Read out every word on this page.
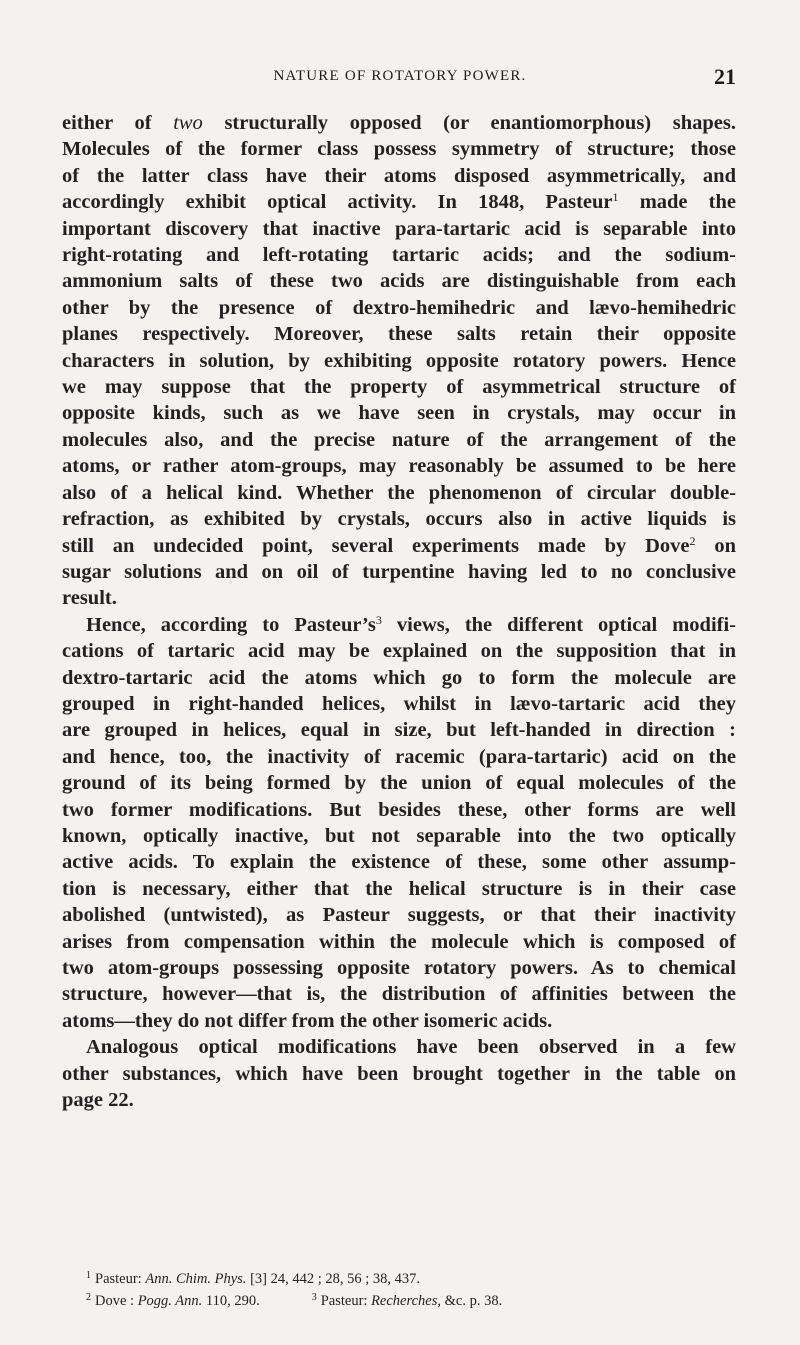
NATURE OF ROTATORY POWER.	21

either of two structurally opposed (or enantiomorphous) shapes.

Molecules of the former class possess symmetry of structure; those

of the latter class have their atoms disposed asymmetrically, and

accordingly exhibit optical activity. In 1848, Pasteur$^1$ made the

important discovery that inactive para-tartaric acid is separable into

right-rotating and left-rotating tartaric acids; and the sodium-

ammonium salts of these two acids are distinguishable from each

other by the presence of dextro-hemihedric and lævo-hemihedric

planes respectively. Moreover, these salts retain their opposite

characters in solution, by exhibiting opposite rotatory powers. Hence

we may suppose that the property of asymmetrical structure of

opposite kinds, such as we have seen in crystals, may occur in

molecules also, and the precise nature of the arrangement of the

atoms, or rather atom-groups, may reasonably be assumed to be here

also of a helical kind. Whether the phenomenon of circular double-

refraction, as exhibited by crystals, occurs also in active liquids is

still an undecided point, several experiments made by Dove$^2$ on

sugar solutions and on oil of turpentine having led to no conclusive

result.

Hence, according to $Pasteur’s^3$ views, the different optical modifi-

cations of tartaric acid may be explained on the supposition that in

dextro-tartaric acid the atoms which go to form the molecule are

grouped in right-handed helices, whilst in lævo-tartaric acid they

are grouped in helices, equal in size, but left-handed in direction :

and hence, too, the inactivity of racemic (para-tartaric) acid on the

ground of its being formed by the union of equal molecules of the

two former modifications. But besides these, other forms are well

known, optically inactive, but not separable into the two optically

active acids. To explain the existence of these, some other assump-

tion is necessary, either that the helical structure is in their case

abolished (untwisted), as Pasteur suggests, or that their inactivity

arises from compensation within the molecule which is composed of

two atom-groups possessing opposite rotatory powers. As to chemical

structure, however—that is, the distribution of affinities between the

atoms—they do not differ from the other isomeric acids.

Analogous optical modifications have been observed in a few

other substances, which have been brought together in the table on

page 22.

$^1$ Pasteur: Ann. Chim. Phys. [3] 24, 442 ; 28, 56 ; 38, 437.
$^2$ Dove : Pogg. Ann. 110, 290.	$^3$ Pasteur: Recherches, &c. p. 38.
